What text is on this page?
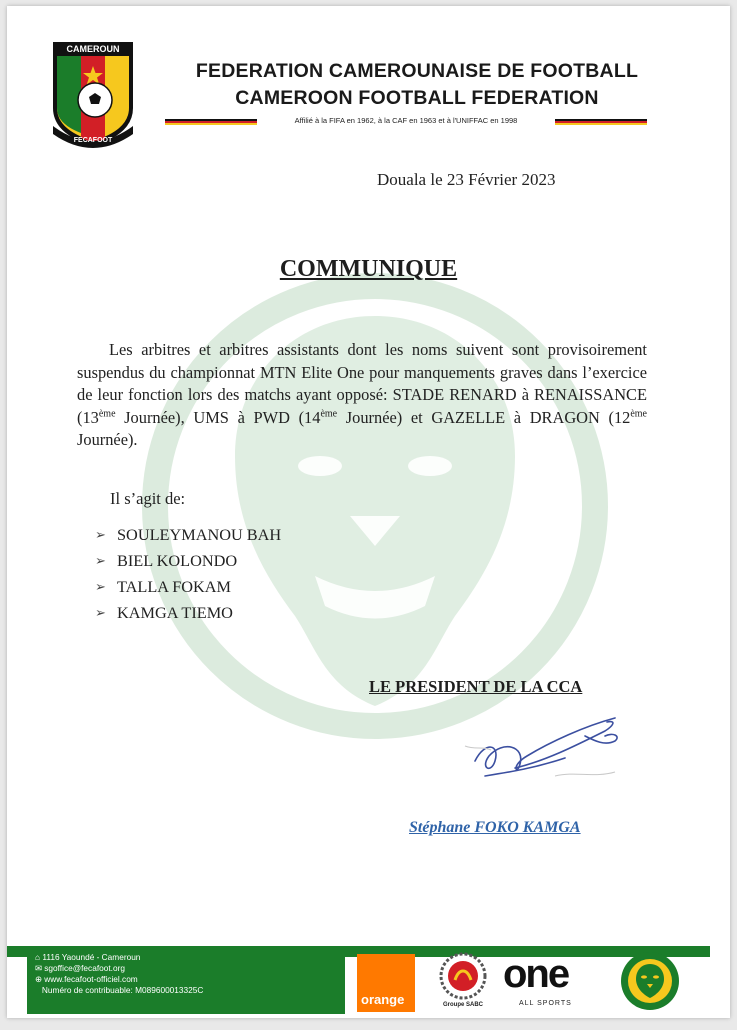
CAMEROUN
FECAFOOT
FEDERATION CAMEROUNAISE DE FOOTBALL
CAMEROON FOOTBALL FEDERATION
Affilié à la FIFA en 1962, à la CAF en 1963 et à l'UNIFFAC en 1998
Douala le 23 Février 2023
COMMUNIQUE

Les arbitres et arbitres assistants dont les noms suivent sont provisoirement suspendus du championnat MTN Elite One pour manquements graves dans l’exercice de leur fonction lors des matchs ayant opposé: STADE RENARD à RENAISSANCE (13ème Journée), UMS à PWD (14ème Journée) et GAZELLE à DRAGON (12ème Journée).

Il s’agit de:
➢ SOULEYMANOU BAH
➢ BIEL KOLONDO
➢ TALLA FOKAM
➢ KAMGA TIEMO
LE PRESIDENT DE LA CCA
Stéphane FOKO KAMGA
⌂ 1116 Yaoundé - Cameroun
✉ sgoffice@fecafoot.org
⊕ www.fecafoot-officiel.com
Numéro de contribuable: M089600013325C
orange	Groupe SABC
one
ALL SPORTS
